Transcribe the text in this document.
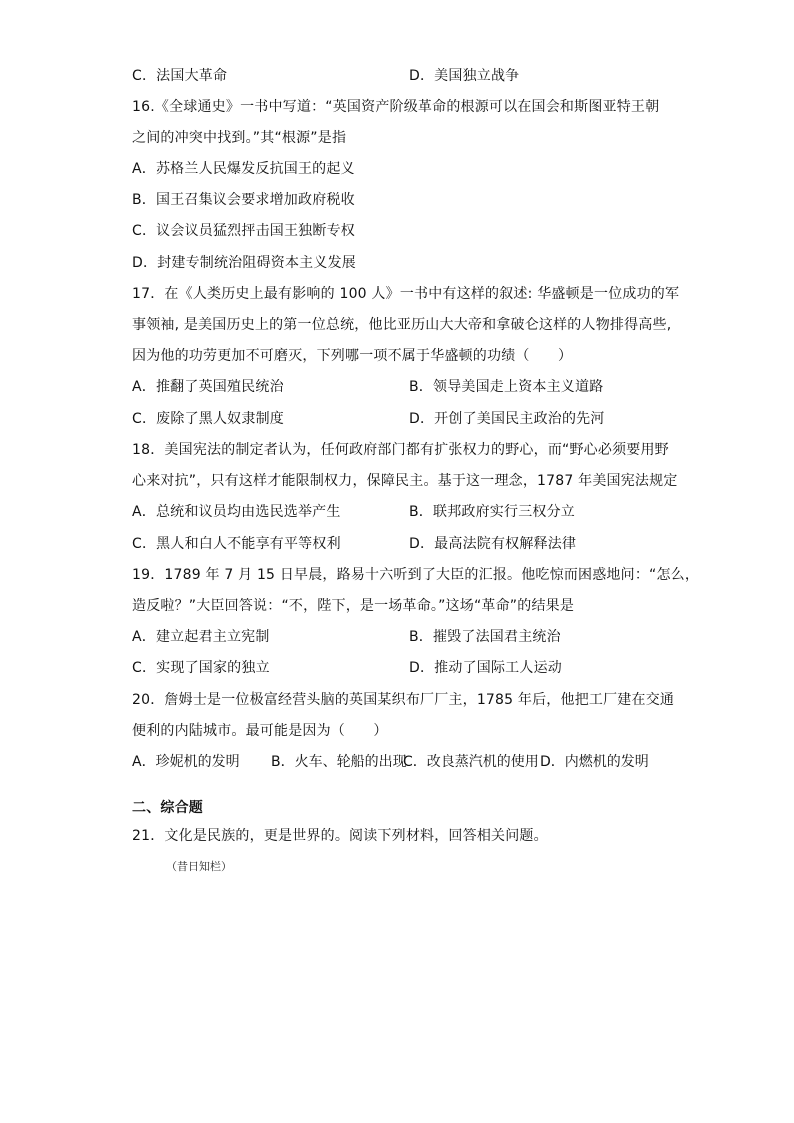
C．法国大革命	D．美国独立战争
16.《全球通史》一书中写道：“英国资产阶级革命的根源可以在国会和斯图亚特王朝
之间的冲突中找到。”其“根源”是指
A．苏格兰人民爆发反抗国王的起义
B．国王召集议会要求增加政府税收
C．议会议员猛烈抨击国王独断专权
D．封建专制统治阻碍资本主义发展
17．在《人类历史上最有影响的 100 人》一书中有这样的叙述: 华盛顿是一位成功的军
事领袖, 是美国历史上的第一位总统，他比亚历山大大帝和拿破仑这样的人物排得高些,
因为他的功劳更加不可磨灭，下列哪一项不属于华盛顿的功绩（　　）
A．推翻了英国殖民统治	B．领导美国走上资本主义道路
C．废除了黑人奴隶制度	D．开创了美国民主政治的先河
18．美国宪法的制定者认为，任何政府部门都有扩张权力的野心，而“野心必须要用野
心来对抗”，只有这样才能限制权力，保障民主。基于这一理念，1787 年美国宪法规定
A．总统和议员均由选民选举产生	B．联邦政府实行三权分立
C．黑人和白人不能享有平等权利	D．最高法院有权解释法律
19．1789 年 7 月 15 日早晨，路易十六听到了大臣的汇报。他吃惊而困惑地问：“怎么，
造反啦？”大臣回答说：“不，陛下，是一场革命。”这场“革命”的结果是
A．建立起君主立宪制	B．摧毁了法国君主统治
C．实现了国家的独立	D．推动了国际工人运动
20．詹姆士是一位极富经营头脑的英国某织布厂厂主，1785 年后，他把工厂建在交通
便利的内陆城市。最可能是因为（　　）
A．珍妮机的发明 B．火车、轮船的出现
C．改良蒸汽机的使用 D．内燃机的发明
二、综合题
21．文化是民族的，更是世界的。阅读下列材料，回答相关问题。
（昔日知栏）
